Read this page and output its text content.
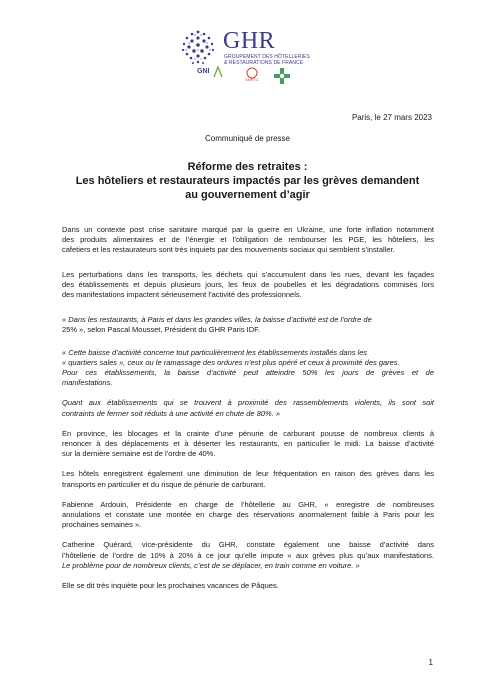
GHR
GROUPEMENT DES HÔTELLERIES
& RESTAURATIONS DE FRANCE
GNI
SNRTC
Paris, le 27 mars 2023
Communiqué de presse
Réforme des retraites :
Les hôteliers et restaurateurs impactés par les grèves demandent
au gouvernement d’agir

Dans un contexte post crise sanitaire marqué par la guerre en Ukraine, une forte inflation notamment
des produits alimentaires et de l’énergie et l’obligation de rembourser les PGE, les hôteliers, les
cafetiers et les restaurateurs sont très inquiets par des mouvements sociaux qui semblent s’installer.

Les perturbations dans les transports, les déchets qui s’accumulent dans les rues, devant les façades
des établissements et depuis plusieurs jours, les feux de poubelles et les dégradations commises lors
des manifestations impactent sérieusement l’activité des professionnels.

« Dans les restaurants, à Paris et dans les grandes villes, la baisse d’activité est de l’ordre de
25% », selon Pascal Mousset, Président du GHR Paris IDF.

« Cette baisse d’activité concerne tout particulièrement les établissements installés dans les
« quartiers sales », ceux ou le ramassage des ordures n’est plus opéré et ceux à proximité des gares.
Pour ces établissements, la baisse d’activité peut atteindre 50% les jours de grèves et de
manifestations.

Quant aux établissements qui se trouvent à proximité des rassemblements violents, ils sont soit
contraints de fermer soit réduits à une activité en chute de 80%. »

En province, les blocages et la crainte d’une pénurie de carburant pousse de nombreux clients à
renoncer à des déplacements et à déserter les restaurants, en particulier le midi. La baisse d’activité
sur la dernière semaine est de l’ordre de 40%.

Les hôtels enregistrent également une diminution de leur fréquentation en raison des grèves dans les
transports en particulier et du risque de pénurie de carburant.

Fabienne Ardouin, Présidente en charge de l’hôtellerie au GHR, « enregistre de nombreuses
annulations et constate une montée en charge des réservations anormalement faible à Paris pour les
prochaines semaines ».

Catherine Quérard, vice-présidente du GHR, constate également une baisse d’activité dans
l’hôtellerie de l’ordre de 10% à 20% à ce jour qu’elle impute « aux grèves plus qu’aux manifestations.
Le problème pour de nombreux clients, c’est de se déplacer, en train comme en voiture. »

Elle se dit très inquiète pour les prochaines vacances de Pâques.

1
